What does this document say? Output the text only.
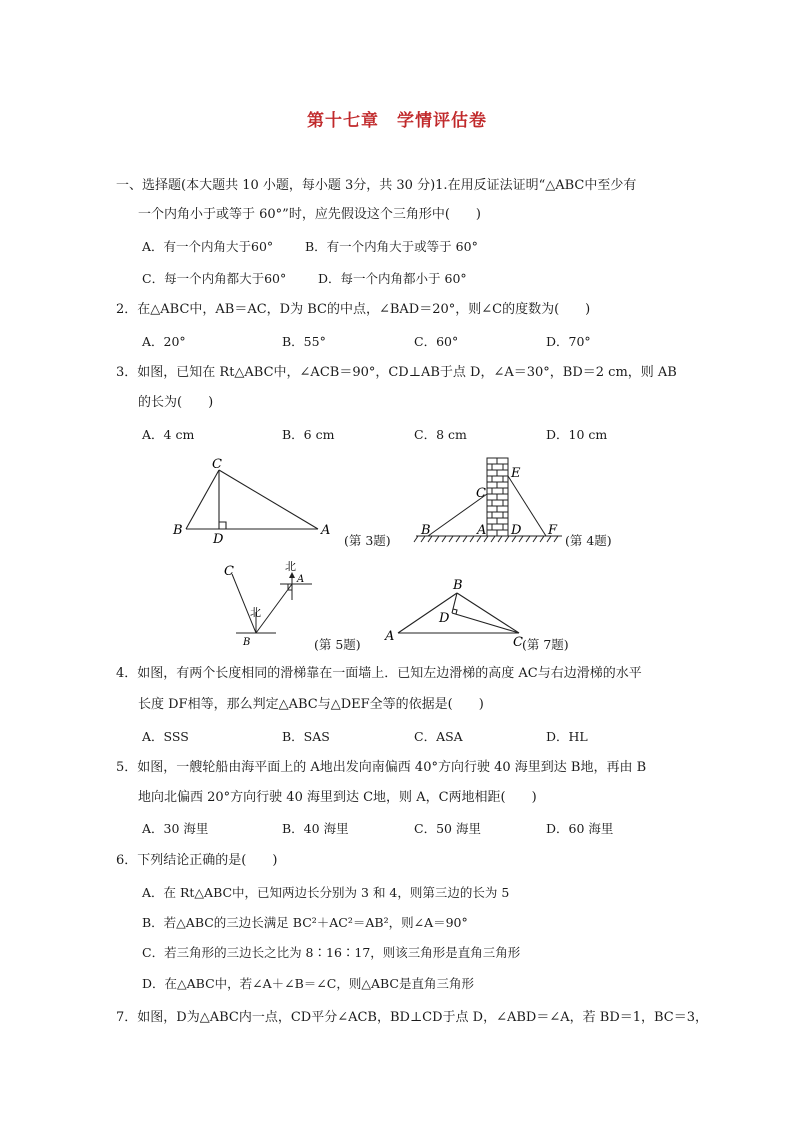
第十七章　学情评估卷
一、选择题(本大题共 10 小题，每小题 3分，共 30 分)1.在用反证法证明“△ABC中至少有
一个内角小于或等于 60°”时，应先假设这个三角形中(　　)
A．有一个内角大于60°	B．有一个内角大于或等于 60°
C．每一个内角都大于60°	D．每一个内角都小于 60°
2．在△ABC中，AB＝AC，D为 BC的中点，∠BAD＝20°，则∠C的度数为(　　)
A．20°	B．55°	C．60°	D．70°
3．如图，已知在 Rt△ABC中，∠ACB＝90°，CD⊥AB于点 D，∠A＝30°，BD＝2 cm，则 AB
的长为(　　)
A．4 cm	B．6 cm	C．8 cm	D．10 cm
C
B
D
A
(第 3题)
B
C
A D
E
F
(第 4题)
北
北
C
A
B	(第 5题)
B
D
A	C (第 7题)
4．如图，有两个长度相同的滑梯靠在一面墙上．已知左边滑梯的高度 AC与右边滑梯的水平
长度 DF相等，那么判定△ABC与△DEF全等的依据是(　　)
A．SSS	B．SAS	C．ASA	D．HL
5．如图，一艘轮船由海平面上的 A地出发向南偏西 40°方向行驶 40 海里到达 B地，再由 B
地向北偏西 20°方向行驶 40 海里到达 C地，则 A，C两地相距(　　)
A．30 海里	B．40 海里	C．50 海里	D．60 海里
6．下列结论正确的是(　　)
A．在 Rt△ABC中，已知两边长分别为 3 和 4，则第三边的长为 5
B．若△ABC的三边长满足 BC²＋AC²＝AB²，则∠A＝90°
C．若三角形的三边长之比为 8∶16∶17，则该三角形是直角三角形
D．在△ABC中，若∠A＋∠B＝∠C，则△ABC是直角三角形
7．如图，D为△ABC内一点，CD平分∠ACB，BD⊥CD于点 D，∠ABD＝∠A，若 BD＝1，BC＝3，
